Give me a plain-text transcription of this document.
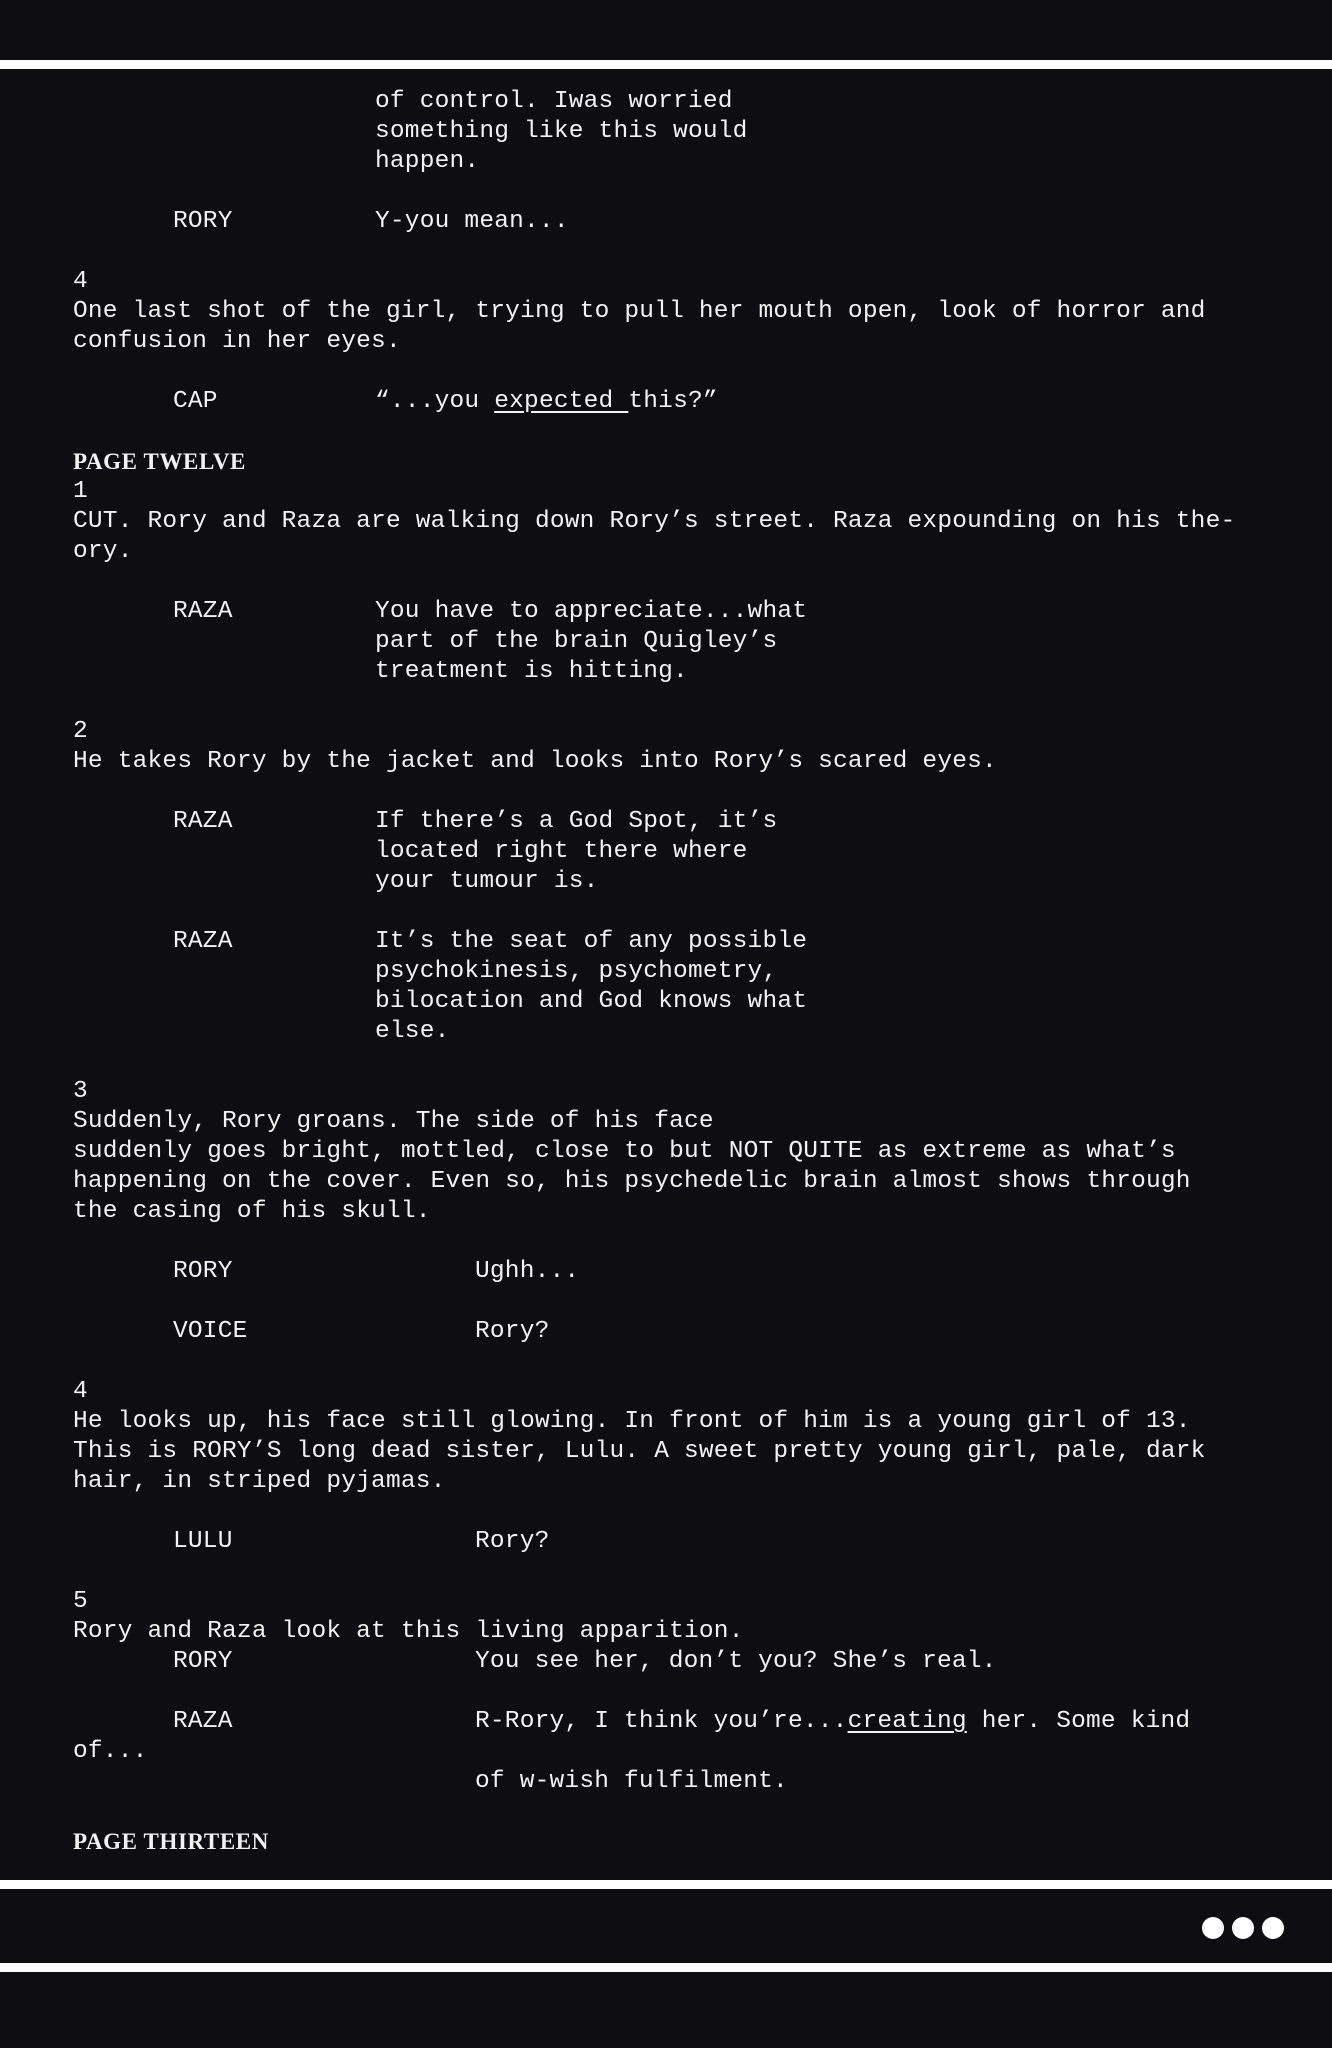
of control. Iwas worried
something like this would
happen.
RORY	Y-you mean...
4
One last shot of the girl, trying to pull her mouth open, look of horror and
confusion in her eyes.
CAP	“...you expected this?”
PAGE TWELVE
1
CUT. Rory and Raza are walking down Rory’s street. Raza expounding on his the-
ory.
RAZA	You have to appreciate...what
part of the brain Quigley’s
treatment is hitting.
2
He takes Rory by the jacket and looks into Rory’s scared eyes.
RAZA	If there’s a God Spot, it’s
located right there where
your tumour is.
RAZA	It’s the seat of any possible
psychokinesis, psychometry,
bilocation and God knows what
else.
3
Suddenly, Rory groans. The side of his face
suddenly goes bright, mottled, close to but NOT QUITE as extreme as what’s
happening on the cover. Even so, his psychedelic brain almost shows through
the casing of his skull.
RORY	Ughh...
VOICE	Rory?
4
He looks up, his face still glowing. In front of him is a young girl of 13.
This is RORY’S long dead sister, Lulu. A sweet pretty young girl, pale, dark
hair, in striped pyjamas.
LULU	Rory?
5
Rory and Raza look at this living apparition.
RORY	You see her, don’t you? She’s real.
RAZA	R-Rory, I think you’re...creating her. Some kind
of...
of w-wish fulfilment.
PAGE THIRTEEN
